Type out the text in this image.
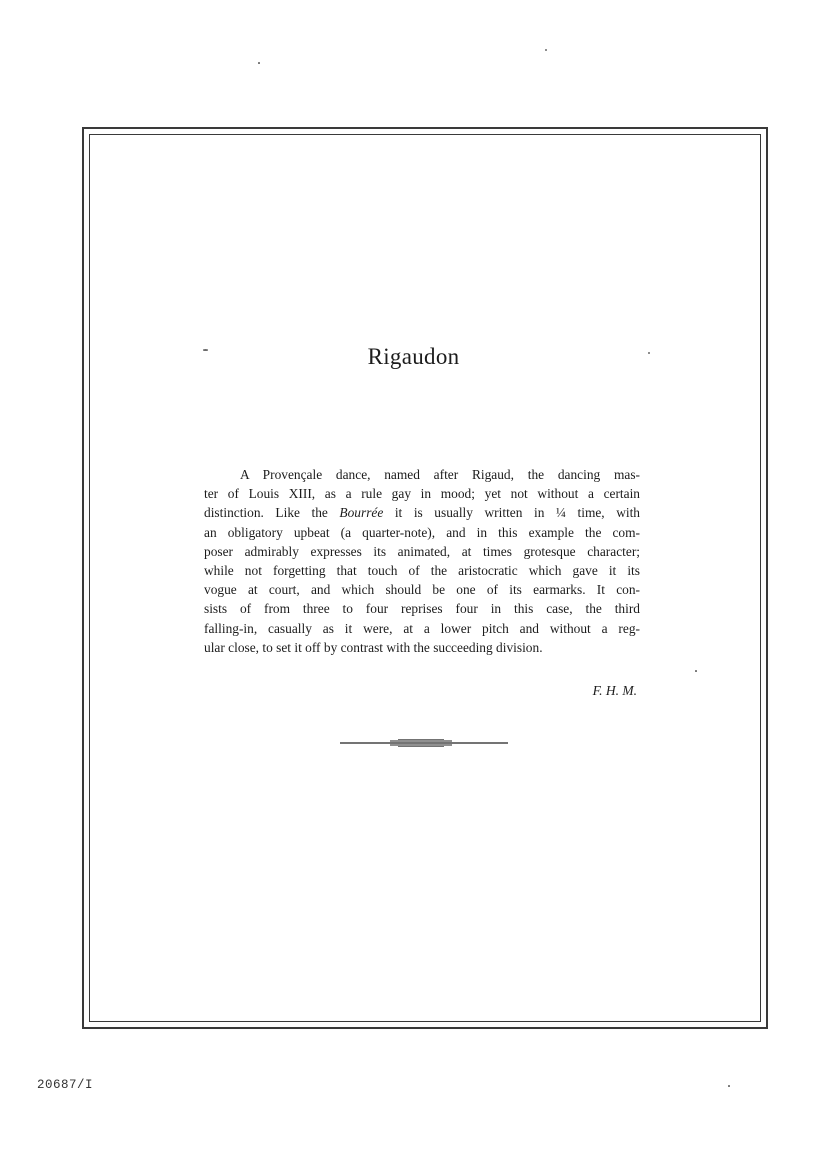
Rigaudon
A Provençale dance, named after Rigaud, the dancing mas-
ter of Louis XIII, as a rule gay in mood; yet not without a certain
distinction. Like the Bourrée it is usually written in ¼ time, with
an obligatory upbeat (a quarter-note), and in this example the com-
poser admirably expresses its animated, at times grotesque character;
while not forgetting that touch of the aristocratic which gave it its
vogue at court, and which should be one of its earmarks. It con-
sists of from three to four reprises four in this case, the third
falling-in, casually as it were, at a lower pitch and without a reg-
ular close, to set it off by contrast with the succeeding division.
F. H. M.
20687/I
